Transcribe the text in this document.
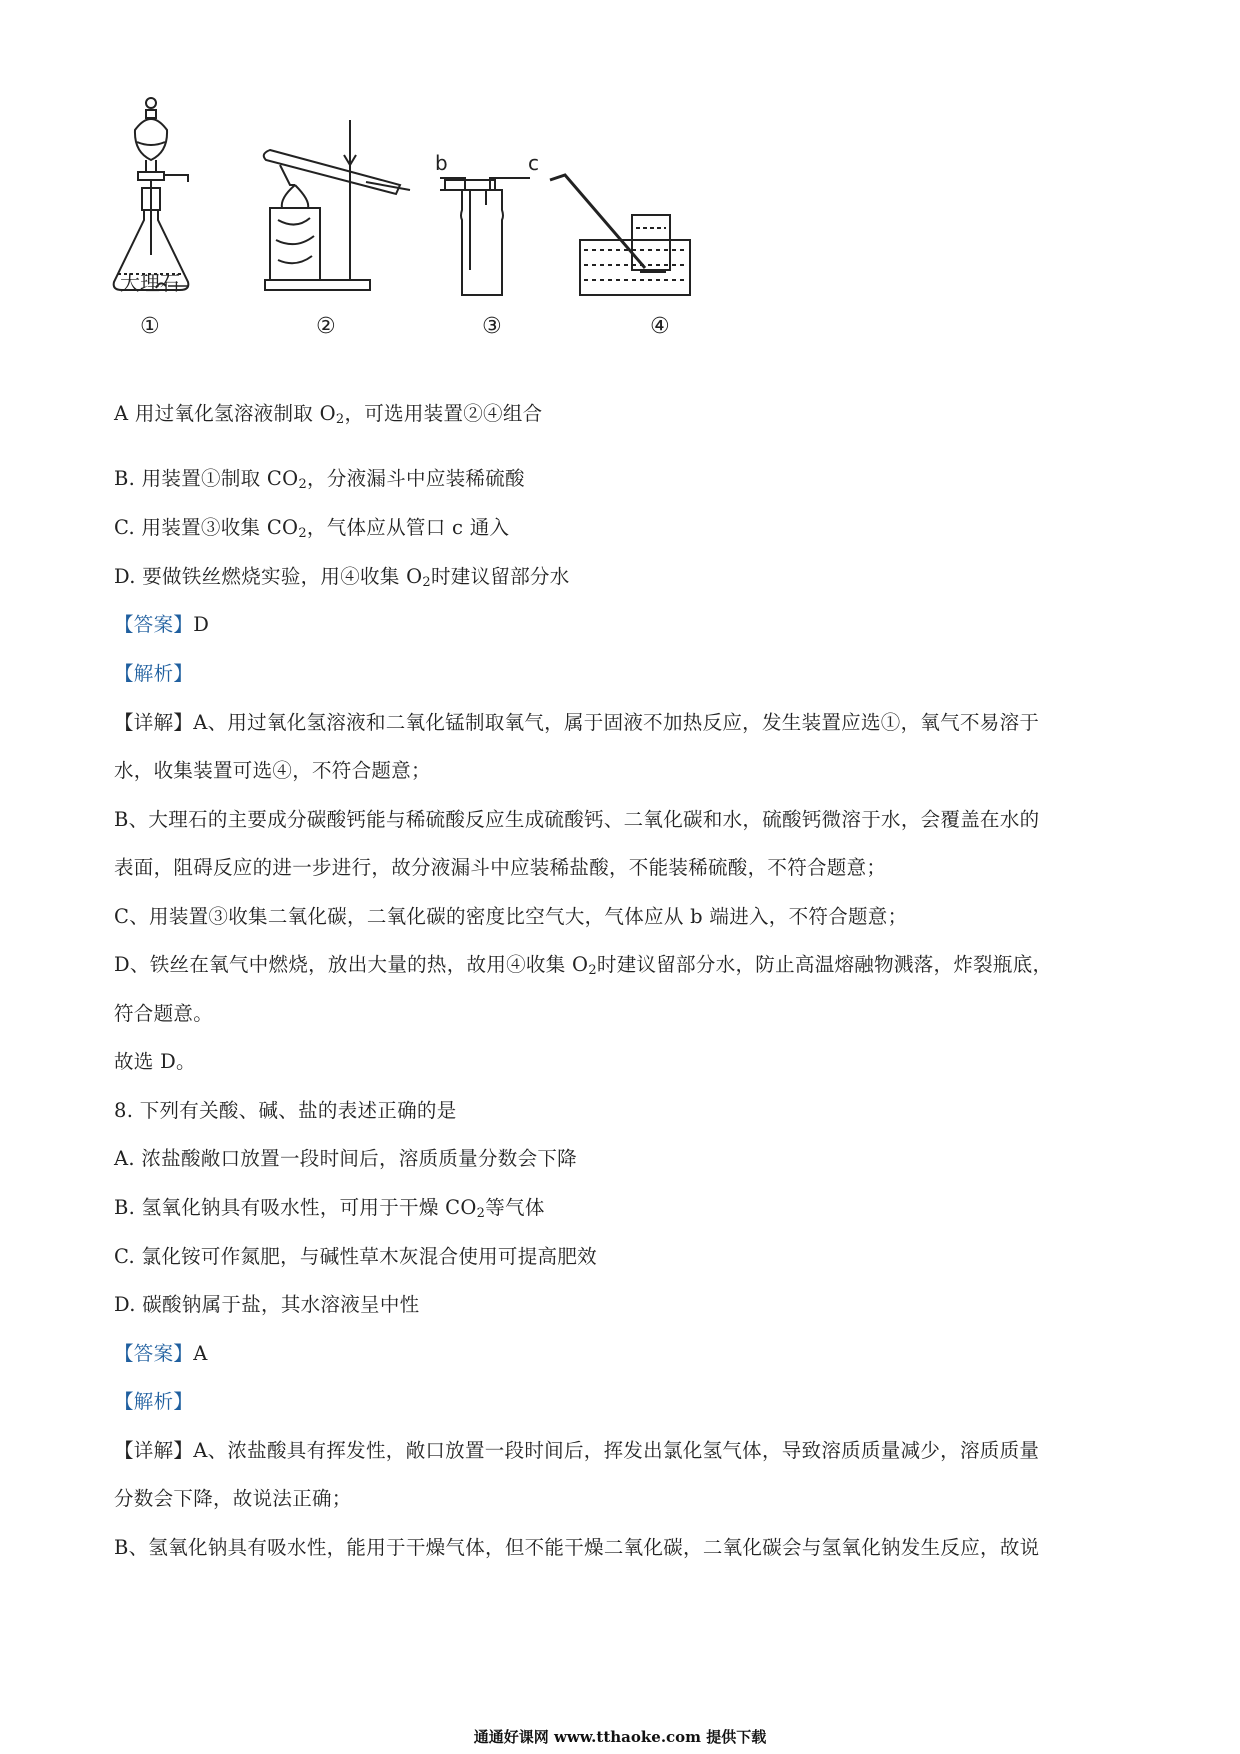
大理石
b	c
①	②	③	④
A 用过氧化氢溶液制取 $O_2$，可选用装置②④组合
B. 用装置①制取 $CO_2$，分液漏斗中应装稀硫酸
C. 用装置③收集 $CO_2$，气体应从管口 c 通入
D. 要做铁丝燃烧实验，用④收集 $O_2$时建议留部分水
【答案】D
【解析】
【详解】A、用过氧化氢溶液和二氧化锰制取氧气，属于固液不加热反应，发生装置应选①，氧气不易溶于
水，收集装置可选④，不符合题意；
B、大理石的主要成分碳酸钙能与稀硫酸反应生成硫酸钙、二氧化碳和水，硫酸钙微溶于水，会覆盖在水的
表面，阻碍反应的进一步进行，故分液漏斗中应装稀盐酸，不能装稀硫酸，不符合题意；
C、用装置③收集二氧化碳，二氧化碳的密度比空气大，气体应从 b 端进入，不符合题意；
D、铁丝在氧气中燃烧，放出大量的热，故用④收集 $O_2$时建议留部分水，防止高温熔融物溅落，炸裂瓶底，
符合题意。
故选 D。
8. 下列有关酸、碱、盐的表述正确的是
A. 浓盐酸敞口放置一段时间后，溶质质量分数会下降
B. 氢氧化钠具有吸水性，可用于干燥 $CO_2$等气体
C. 氯化铵可作氮肥，与碱性草木灰混合使用可提高肥效
D. 碳酸钠属于盐，其水溶液呈中性
【答案】A
【解析】
【详解】A、浓盐酸具有挥发性，敞口放置一段时间后，挥发出氯化氢气体，导致溶质质量减少，溶质质量
分数会下降，故说法正确；
B、氢氧化钠具有吸水性，能用于干燥气体，但不能干燥二氧化碳，二氧化碳会与氢氧化钠发生反应，故说
通通好课网 www.tthaoke.com 提供下载
